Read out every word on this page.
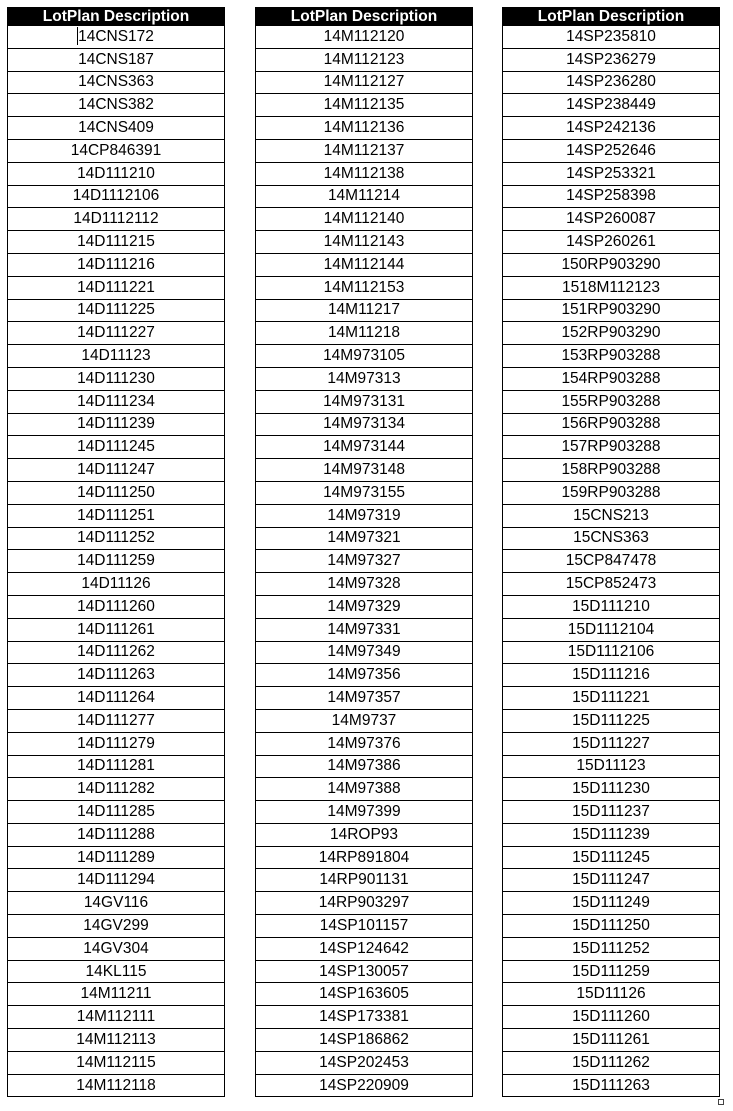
LotPlan Description
14CNS172
14CNS187
14CNS363
14CNS382
14CNS409
14CP846391
14D111210
14D1112106
14D1112112
14D111215
14D111216
14D111221
14D111225
14D111227
14D11123
14D111230
14D111234
14D111239
14D111245
14D111247
14D111250
14D111251
14D111252
14D111259
14D11126
14D111260
14D111261
14D111262
14D111263
14D111264
14D111277
14D111279
14D111281
14D111282
14D111285
14D111288
14D111289
14D111294
14GV116
14GV299
14GV304
14KL115
14M11211
14M112111
14M112113
14M112115
14M112118
LotPlan Description
14M112120
14M112123
14M112127
14M112135
14M112136
14M112137
14M112138
14M11214
14M112140
14M112143
14M112144
14M112153
14M11217
14M11218
14M973105
14M97313
14M973131
14M973134
14M973144
14M973148
14M973155
14M97319
14M97321
14M97327
14M97328
14M97329
14M97331
14M97349
14M97356
14M97357
14M9737
14M97376
14M97386
14M97388
14M97399
14ROP93
14RP891804
14RP901131
14RP903297
14SP101157
14SP124642
14SP130057
14SP163605
14SP173381
14SP186862
14SP202453
14SP220909
LotPlan Description
14SP235810
14SP236279
14SP236280
14SP238449
14SP242136
14SP252646
14SP253321
14SP258398
14SP260087
14SP260261
150RP903290
1518M112123
151RP903290
152RP903290
153RP903288
154RP903288
155RP903288
156RP903288
157RP903288
158RP903288
159RP903288
15CNS213
15CNS363
15CP847478
15CP852473
15D111210
15D1112104
15D1112106
15D111216
15D111221
15D111225
15D111227
15D11123
15D111230
15D111237
15D111239
15D111245
15D111247
15D111249
15D111250
15D111252
15D111259
15D11126
15D111260
15D111261
15D111262
15D111263
